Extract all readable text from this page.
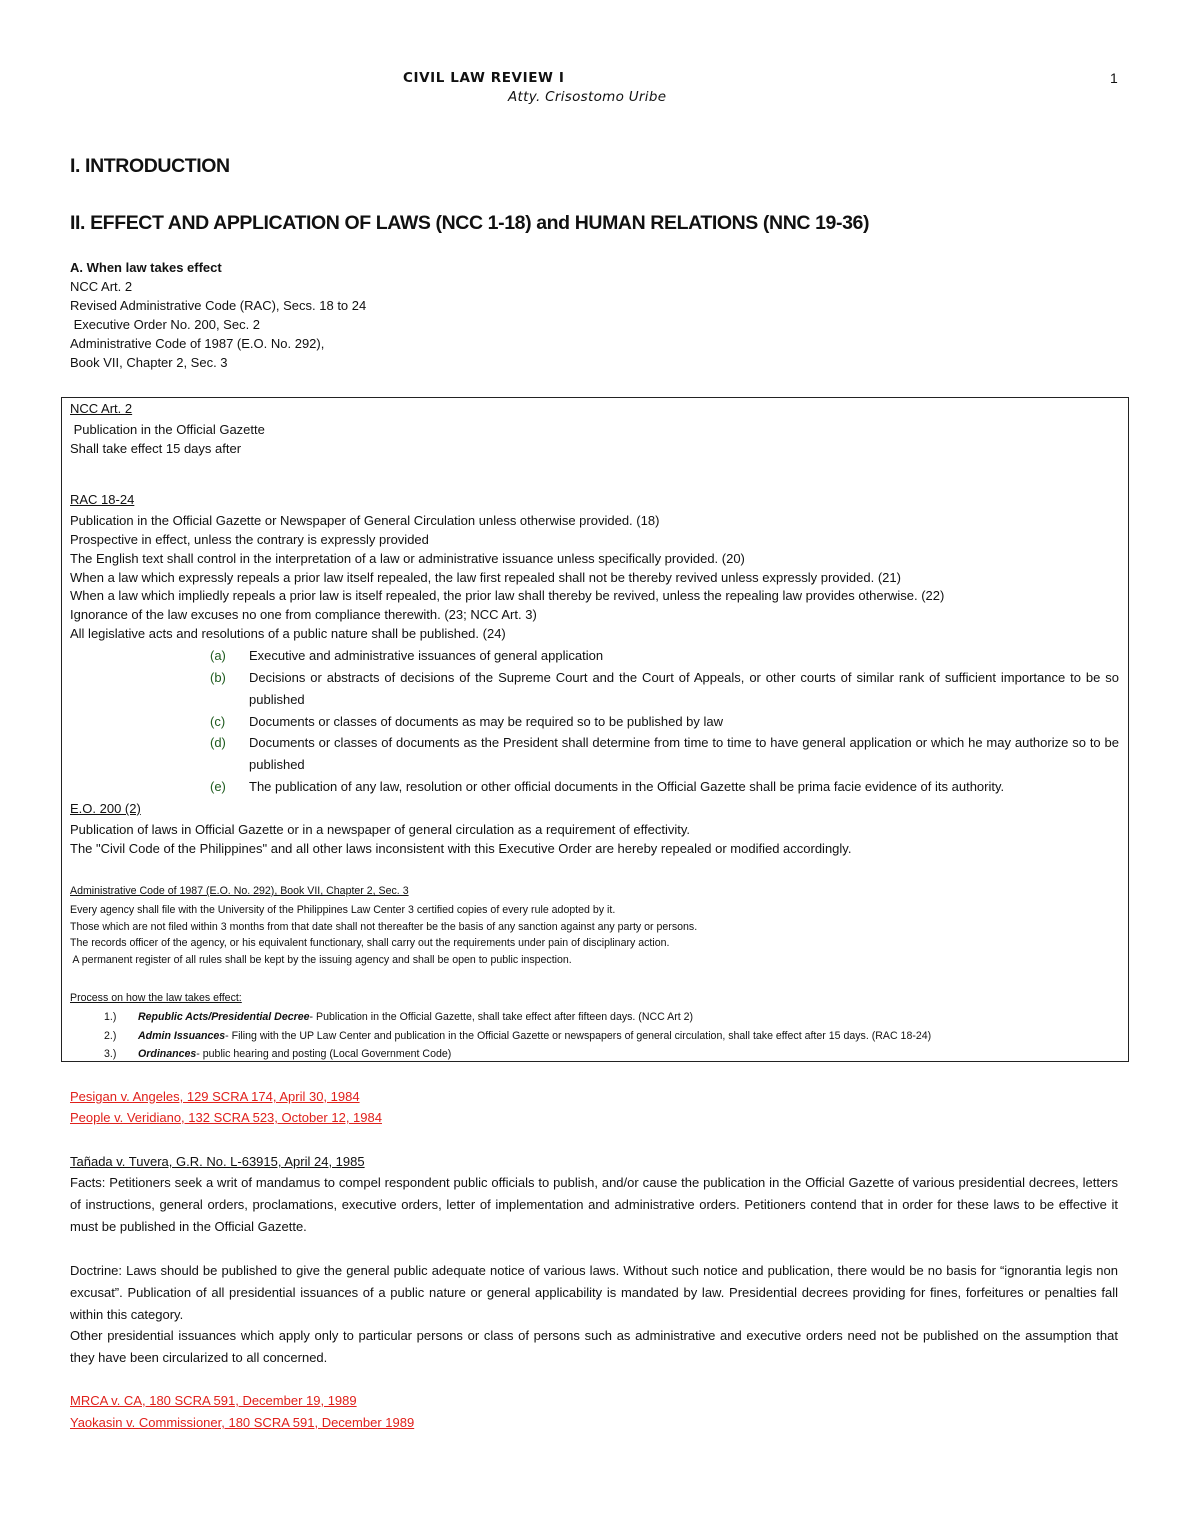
CIVIL LAW REVIEW I
Atty. Crisostomo Uribe
1
I. INTRODUCTION
II. EFFECT AND APPLICATION OF LAWS (NCC 1-18) and HUMAN RELATIONS (NNC 19-36)
A. When law takes effect
NCC Art. 2
Revised Administrative Code (RAC), Secs. 18 to 24
Executive Order No. 200, Sec. 2
Administrative Code of 1987 (E.O. No. 292),
Book VII, Chapter 2, Sec. 3
NCC Art. 2
Publication in the Official Gazette
Shall take effect 15 days after
RAC 18-24
Publication in the Official Gazette or Newspaper of General Circulation unless otherwise provided. (18)
Prospective in effect, unless the contrary is expressly provided
The English text shall control in the interpretation of a law or administrative issuance unless specifically provided. (20)
When a law which expressly repeals a prior law itself repealed, the law first repealed shall not be thereby revived unless expressly provided. (21)
When a law which impliedly repeals a prior law is itself repealed, the prior law shall thereby be revived, unless the repealing law provides otherwise. (22)
Ignorance of the law excuses no one from compliance therewith. (23; NCC Art. 3)
All legislative acts and resolutions of a public nature shall be published. (24)
(a) Executive and administrative issuances of general application
(b) Decisions or abstracts of decisions of the Supreme Court and the Court of Appeals, or other courts of similar rank of sufficient importance to be so published
(c) Documents or classes of documents as may be required so to be published by law
(d) Documents or classes of documents as the President shall determine from time to time to have general application or which he may authorize so to be published
(e) The publication of any law, resolution or other official documents in the Official Gazette shall be prima facie evidence of its authority.
E.O. 200 (2)
Publication of laws in Official Gazette or in a newspaper of general circulation as a requirement of effectivity.
The "Civil Code of the Philippines" and all other laws inconsistent with this Executive Order are hereby repealed or modified accordingly.
Administrative Code of 1987 (E.O. No. 292), Book VII, Chapter 2, Sec. 3
Every agency shall file with the University of the Philippines Law Center 3 certified copies of every rule adopted by it.
Those which are not filed within 3 months from that date shall not thereafter be the basis of any sanction against any party or persons.
The records officer of the agency, or his equivalent functionary, shall carry out the requirements under pain of disciplinary action.
A permanent register of all rules shall be kept by the issuing agency and shall be open to public inspection.
Process on how the law takes effect:
1.) Republic Acts/Presidential Decree- Publication in the Official Gazette, shall take effect after fifteen days. (NCC Art 2)
2.) Admin Issuances- Filing with the UP Law Center and publication in the Official Gazette or newspapers of general circulation, shall take effect after 15 days. (RAC 18-24)
3.) Ordinances- public hearing and posting (Local Government Code)
Pesigan v. Angeles, 129 SCRA 174, April 30, 1984
People v. Veridiano, 132 SCRA 523, October 12, 1984
Tañada v. Tuvera, G.R. No. L-63915, April 24, 1985
Facts: Petitioners seek a writ of mandamus to compel respondent public officials to publish, and/or cause the publication in the Official Gazette of various presidential decrees, letters of instructions, general orders, proclamations, executive orders, letter of implementation and administrative orders. Petitioners contend that in order for these laws to be effective it must be published in the Official Gazette.
Doctrine: Laws should be published to give the general public adequate notice of various laws. Without such notice and publication, there would be no basis for “ignorantia legis non excusat”. Publication of all presidential issuances of a public nature or general applicability is mandated by law. Presidential decrees providing for fines, forfeitures or penalties fall within this category.
Other presidential issuances which apply only to particular persons or class of persons such as administrative and executive orders need not be published on the assumption that they have been circularized to all concerned.
MRCA v. CA, 180 SCRA 591, December 19, 1989
Yaokasin v. Commissioner, 180 SCRA 591, December 1989
